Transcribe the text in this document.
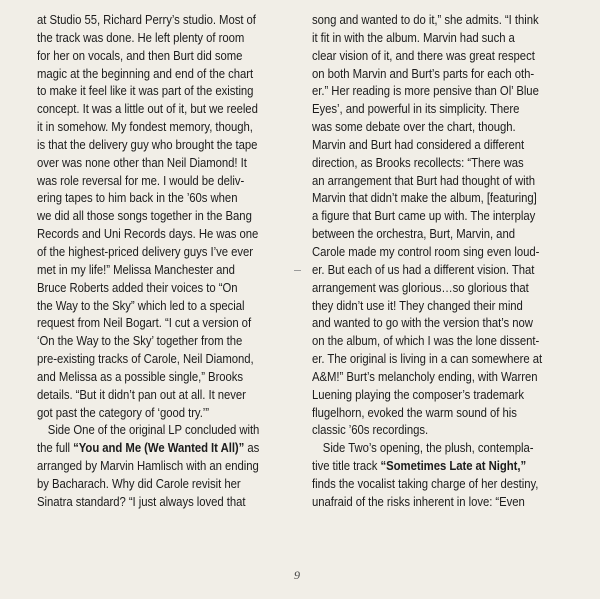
at Studio 55, Richard Perry’s studio. Most of
the track was done. He left plenty of room
for her on vocals, and then Burt did some
magic at the beginning and end of the chart
to make it feel like it was part of the existing
concept. It was a little out of it, but we reeled
it in somehow. My fondest memory, though,
is that the delivery guy who brought the tape
over was none other than Neil Diamond! It
was role reversal for me. I would be deliv-
ering tapes to him back in the ’60s when
we did all those songs together in the Bang
Records and Uni Records days. He was one
of the highest-priced delivery guys I’ve ever
met in my life!” Melissa Manchester and
Bruce Roberts added their voices to “On
the Way to the Sky” which led to a special
request from Neil Bogart. “I cut a version of
‘On the Way to the Sky’ together from the
pre-existing tracks of Carole, Neil Diamond,
and Melissa as a possible single,” Brooks
details. “But it didn’t pan out at all. It never
got past the category of ‘good try.’”
Side One of the original LP concluded with
the full “You and Me (We Wanted It All)” as
arranged by Marvin Hamlisch with an ending
by Bacharach. Why did Carole revisit her
Sinatra standard? “I just always loved that
song and wanted to do it,” she admits. “I think
it fit in with the album. Marvin had such a
clear vision of it, and there was great respect
on both Marvin and Burt’s parts for each oth-
er.” Her reading is more pensive than Ol’ Blue
Eyes’, and powerful in its simplicity. There
was some debate over the chart, though.
Marvin and Burt had considered a different
direction, as Brooks recollects: “There was
an arrangement that Burt had thought of with
Marvin that didn’t make the album, [featuring]
a figure that Burt came up with. The interplay
between the orchestra, Burt, Marvin, and
Carole made my control room sing even loud-
er. But each of us had a different vision. That
arrangement was glorious…so glorious that
they didn’t use it! They changed their mind
and wanted to go with the version that’s now
on the album, of which I was the lone dissent-
er. The original is living in a can somewhere at
A&M!” Burt’s melancholy ending, with Warren
Luening playing the composer’s trademark
flugelhorn, evoked the warm sound of his
classic ’60s recordings.
Side Two’s opening, the plush, contempla-
tive title track “Sometimes Late at Night,”
finds the vocalist taking charge of her destiny,
unafraid of the risks inherent in love: “Even
9
